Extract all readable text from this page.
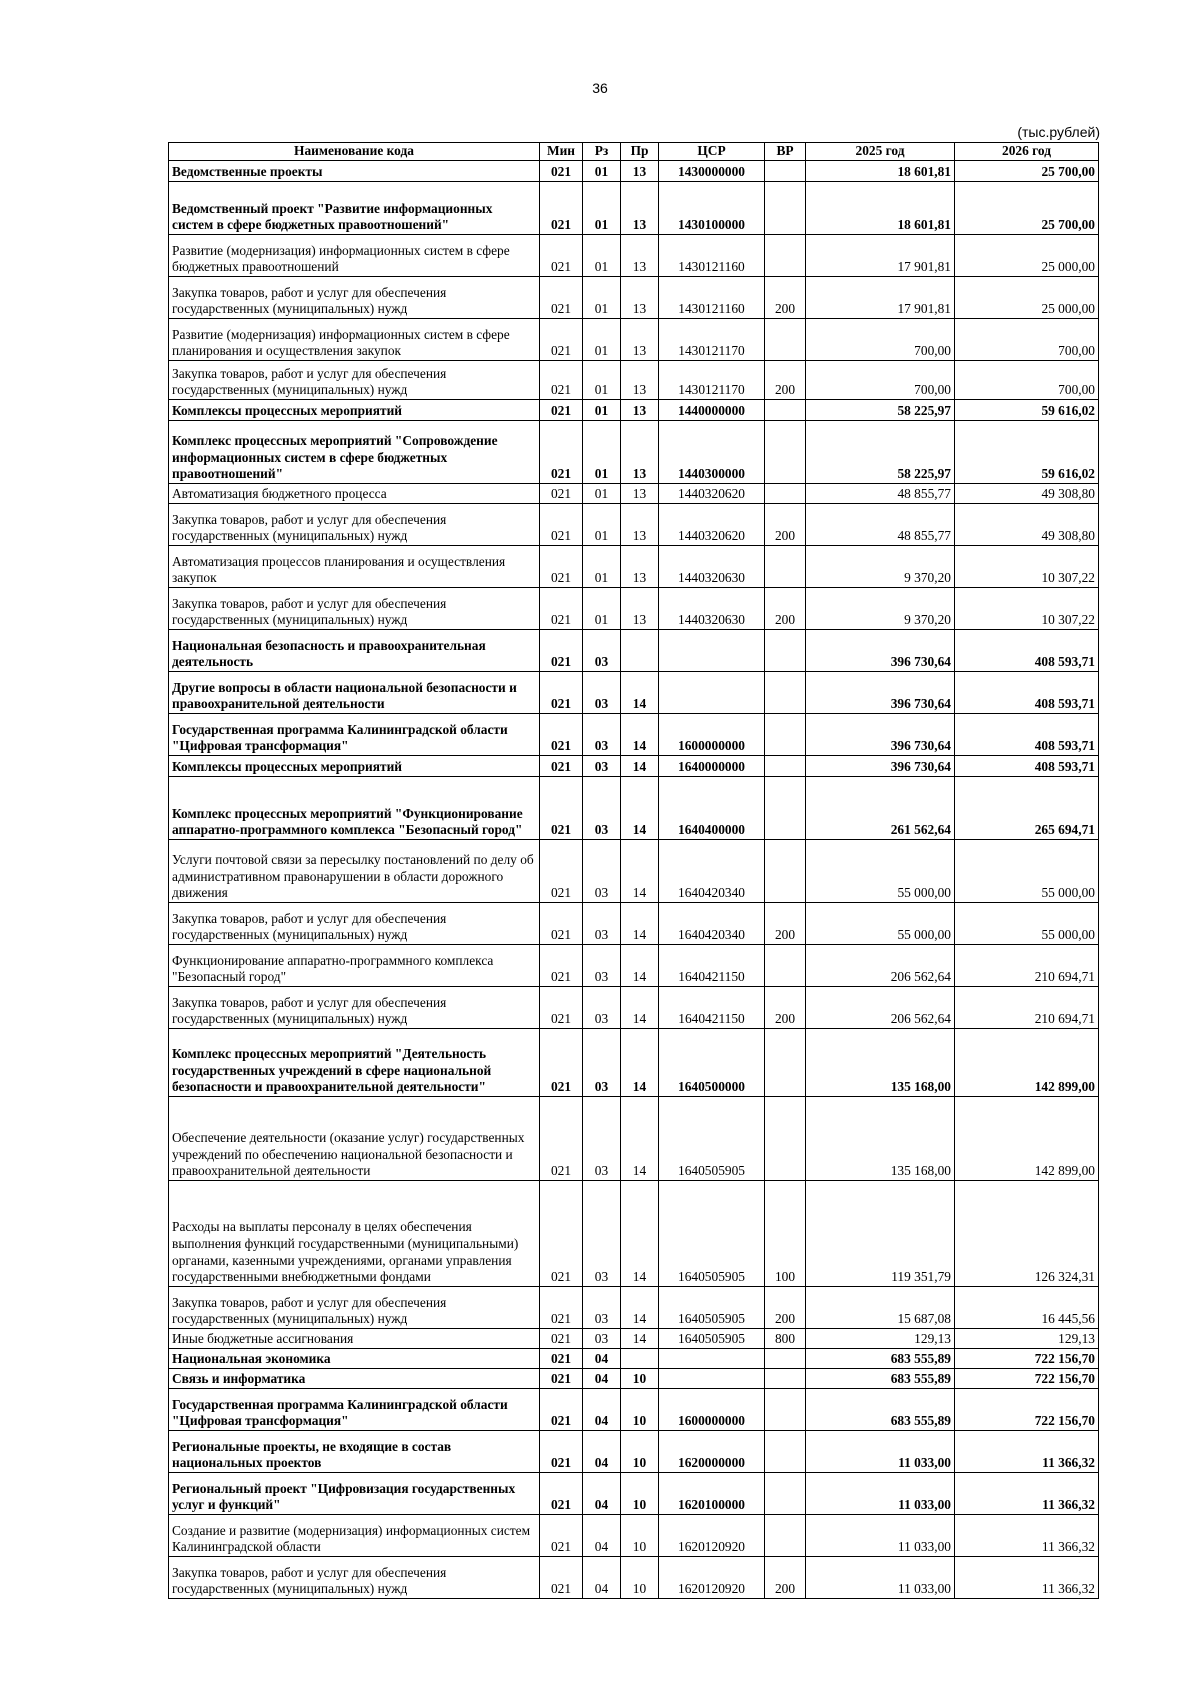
36
(тыс.рублей)
Наименование кода	Мин	Рз	Пр	ЦСР	ВР	2025 год	2026 год
Ведомственные проекты	021	01	13	1430000000		18 601,81	25 700,00
Ведомственный проект "Развитие информационных систем в сфере бюджетных правоотношений"	021	01	13	1430100000		18 601,81	25 700,00
Развитие (модернизация) информационных систем в сфере бюджетных правоотношений	021	01	13	1430121160		17 901,81	25 000,00
Закупка товаров, работ и услуг для обеспечения государственных (муниципальных) нужд	021	01	13	1430121160	200	17 901,81	25 000,00
Развитие (модернизация) информационных систем в сфере планирования и осуществления закупок	021	01	13	1430121170		700,00	700,00
Закупка товаров, работ и услуг для обеспечения государственных (муниципальных) нужд	021	01	13	1430121170	200	700,00	700,00
Комплексы процессных мероприятий	021	01	13	1440000000		58 225,97	59 616,02
Комплекс процессных мероприятий "Сопровождение информационных систем в сфере бюджетных правоотношений"	021	01	13	1440300000		58 225,97	59 616,02
Автоматизация бюджетного процесса	021	01	13	1440320620		48 855,77	49 308,80
Закупка товаров, работ и услуг для обеспечения государственных (муниципальных) нужд	021	01	13	1440320620	200	48 855,77	49 308,80
Автоматизация процессов планирования и осуществления закупок	021	01	13	1440320630		9 370,20	10 307,22
Закупка товаров, работ и услуг для обеспечения государственных (муниципальных) нужд	021	01	13	1440320630	200	9 370,20	10 307,22
Национальная безопасность и правоохранительная деятельность	021	03				396 730,64	408 593,71
Другие вопросы в области национальной безопасности и правоохранительной деятельности	021	03	14			396 730,64	408 593,71
Государственная программа Калининградской области "Цифровая трансформация"	021	03	14	1600000000		396 730,64	408 593,71
Комплексы процессных мероприятий	021	03	14	1640000000		396 730,64	408 593,71
Комплекс процессных мероприятий "Функционирование аппаратно-программного комплекса "Безопасный город"	021	03	14	1640400000		261 562,64	265 694,71
Услуги почтовой связи за пересылку постановлений по делу об административном правонарушении в области дорожного движения	021	03	14	1640420340		55 000,00	55 000,00
Закупка товаров, работ и услуг для обеспечения государственных (муниципальных) нужд	021	03	14	1640420340	200	55 000,00	55 000,00
Функционирование аппаратно-программного комплекса "Безопасный город"	021	03	14	1640421150		206 562,64	210 694,71
Закупка товаров, работ и услуг для обеспечения государственных (муниципальных) нужд	021	03	14	1640421150	200	206 562,64	210 694,71
Комплекс процессных мероприятий "Деятельность государственных учреждений в сфере национальной безопасности и правоохранительной деятельности"	021	03	14	1640500000		135 168,00	142 899,00
Обеспечение деятельности (оказание услуг) государственных учреждений по обеспечению национальной безопасности и правоохранительной деятельности	021	03	14	1640505905		135 168,00	142 899,00
Расходы на выплаты персоналу в целях обеспечения выполнения функций государственными (муниципальными) органами, казенными учреждениями, органами управления государственными внебюджетными фондами	021	03	14	1640505905	100	119 351,79	126 324,31
Закупка товаров, работ и услуг для обеспечения государственных (муниципальных) нужд	021	03	14	1640505905	200	15 687,08	16 445,56
Иные бюджетные ассигнования	021	03	14	1640505905	800	129,13	129,13
Национальная экономика	021	04				683 555,89	722 156,70
Связь и информатика	021	04	10			683 555,89	722 156,70
Государственная программа Калининградской области "Цифровая трансформация"	021	04	10	1600000000		683 555,89	722 156,70
Региональные проекты, не входящие в состав национальных проектов	021	04	10	1620000000		11 033,00	11 366,32
Региональный проект "Цифровизация государственных услуг и функций"	021	04	10	1620100000		11 033,00	11 366,32
Создание и развитие (модернизация) информационных систем Калининградской области	021	04	10	1620120920		11 033,00	11 366,32
Закупка товаров, работ и услуг для обеспечения государственных (муниципальных) нужд	021	04	10	1620120920	200	11 033,00	11 366,32
